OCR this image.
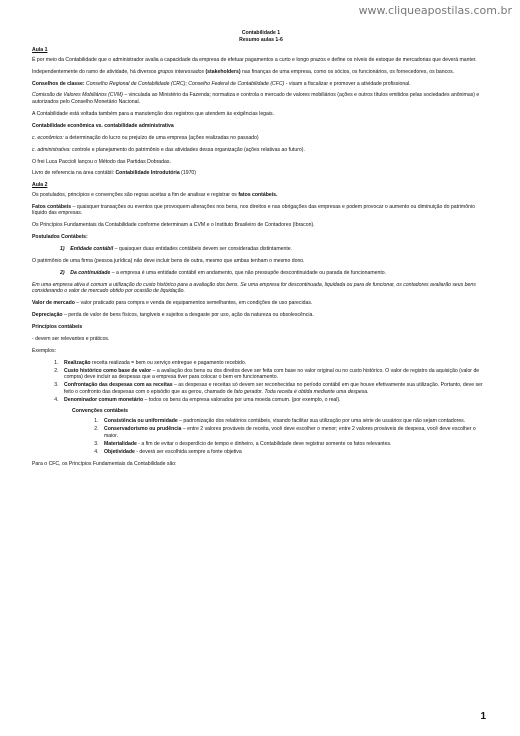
www.cliqueapostilas.com.br
Contabilidade 1
Resumo aulas 1-6
Aula 1

É por meio da Contabilidade que o administrador avalia a capacidade da empresa de efetuar pagamentos a curto e longo prazos e define os níveis de estoque de mercadorias que deverá manter.

Independentemente do ramo de atividade, há diversos grupos interessados (stakeholders) nas finanças de uma empresa, como os sócios, os funcionários, os fornecedores, os bancos.

Conselhos de classe: Conselho Regional de Contabilidade (CRC); Conselho Federal de Contabilidade (CFC) - visam a fiscalizar e promover a atividade profissional.

Comissão de Valores Mobiliários (CVM) – vinculada ao Ministério da Fazenda; normatiza e controla o mercado de valores mobiliários (ações e outros títulos emitidos pelas sociedades anônimas) e autorizados pelo Conselho Monetário Nacional.

A Contabilidade está voltada também para a manutenção dos registros que atendem às exigências legais.

Contabilidade econômica vs. contabilidade administrativa

c. econômico: a determinação do lucro ou prejuízo de uma empresa (ações realizadas no passado)

c. administrativa: controle e planejamento do patrimônio e das atividades dessa organização (ações relativas ao futuro).

O frei Luca Paccioli lançou o Método das Partidas Dobradas.

Livro de referencia na área contábil: Contabilidade Introdutória (1970)

Aula 2

Os postulados, princípios e convenções são regras aceitas a fim de analisar e registrar os fatos contábeis.

Fatos contábeis – quaisquer transações ou eventos que provoquem alterações nos bens, nos direitos e nas obrigações das empresas e podem provocar o aumento ou diminuição do patrimônio líquido das empresas.

Os Princípios Fundamentais da Contabilidade conforme determinam a CVM e o Instituto Brasileiro de Contadores (Ibracon).

Postulados Contábeis:

1) Entidade contábil – quaisquer duas entidades contábeis devem ser consideradas distintamente.

O patrimônio de uma firma (pessoa jurídica) não deve incluir bens de outra, mesmo que ambas tenham o mesmo dono.

2) Da continuidade – a empresa é uma entidade contábil em andamento, que não pressupõe descontinuidade ou parada de funcionamento.

Em uma empresa ativa é comum a utilização do custo histórico para a avaliação dos bens. Se uma empresa for descontinuada, liquidada ou para de funcionar, os contadores avaliarão seus bens considerando o valor de mercado obtido por ocasião de liquidação.

Valor de mercado – valor praticado para compra e venda de equipamentos semelhantes, em condições de uso parecidas.

Depreciação – perda de valor de bens físicos, tangíveis e sujeitos a desgaste por uso, ação da natureza ou obsolescência.

Princípios contábeis

- devem ser relevantes e práticos.

Exemplos:

1. Realização receita realizada = bem ou serviço entregue e pagamento recebido.
2. Custo histórico como base de valor – a avaliação dos bens ou dos direitos deve ser feita com base no valor original ou no custo histórico. O valor de registro da aquisição (valor de compra) deve incluir as despesas que a empresa tiver para colocar o bem em funcionamento.
3. Confrontação das despesas com as receitas – as despesas e receitas só devem ser reconhecidas no período contábil em que houve efetivamente sua utilização. Portanto, deve ser feito o confronto das despesas com o episódio que as gerou, chamado de fato gerador. Toda receita é obtida mediante uma despesa.
4. Denominador comum monetário – todos os bens da empresa valorados por uma moeda comum. (por exemplo, o real).
Convenções contábeis
1. Consistência ou uniformidade – padronização dos relatórios contábeis, visando facilitar sua utilização por uma série de usuários que não sejam contadores.
2. Conservadorismo ou prudência – entre 2 valores prováveis de receita, você deve escolher o menor; entre 2 valores prováveis de despesa, você deve escolher o maior.
3. Materialidade - a fim de evitar o desperdício de tempo e dinheiro, a Contabilidade deve registrar somente os fatos relevantes.
4. Objetividade - deverá ser escolhida sempre a fonte objetiva

Para o CFC, os Princípios Fundamentais da Contabilidade são:

1
